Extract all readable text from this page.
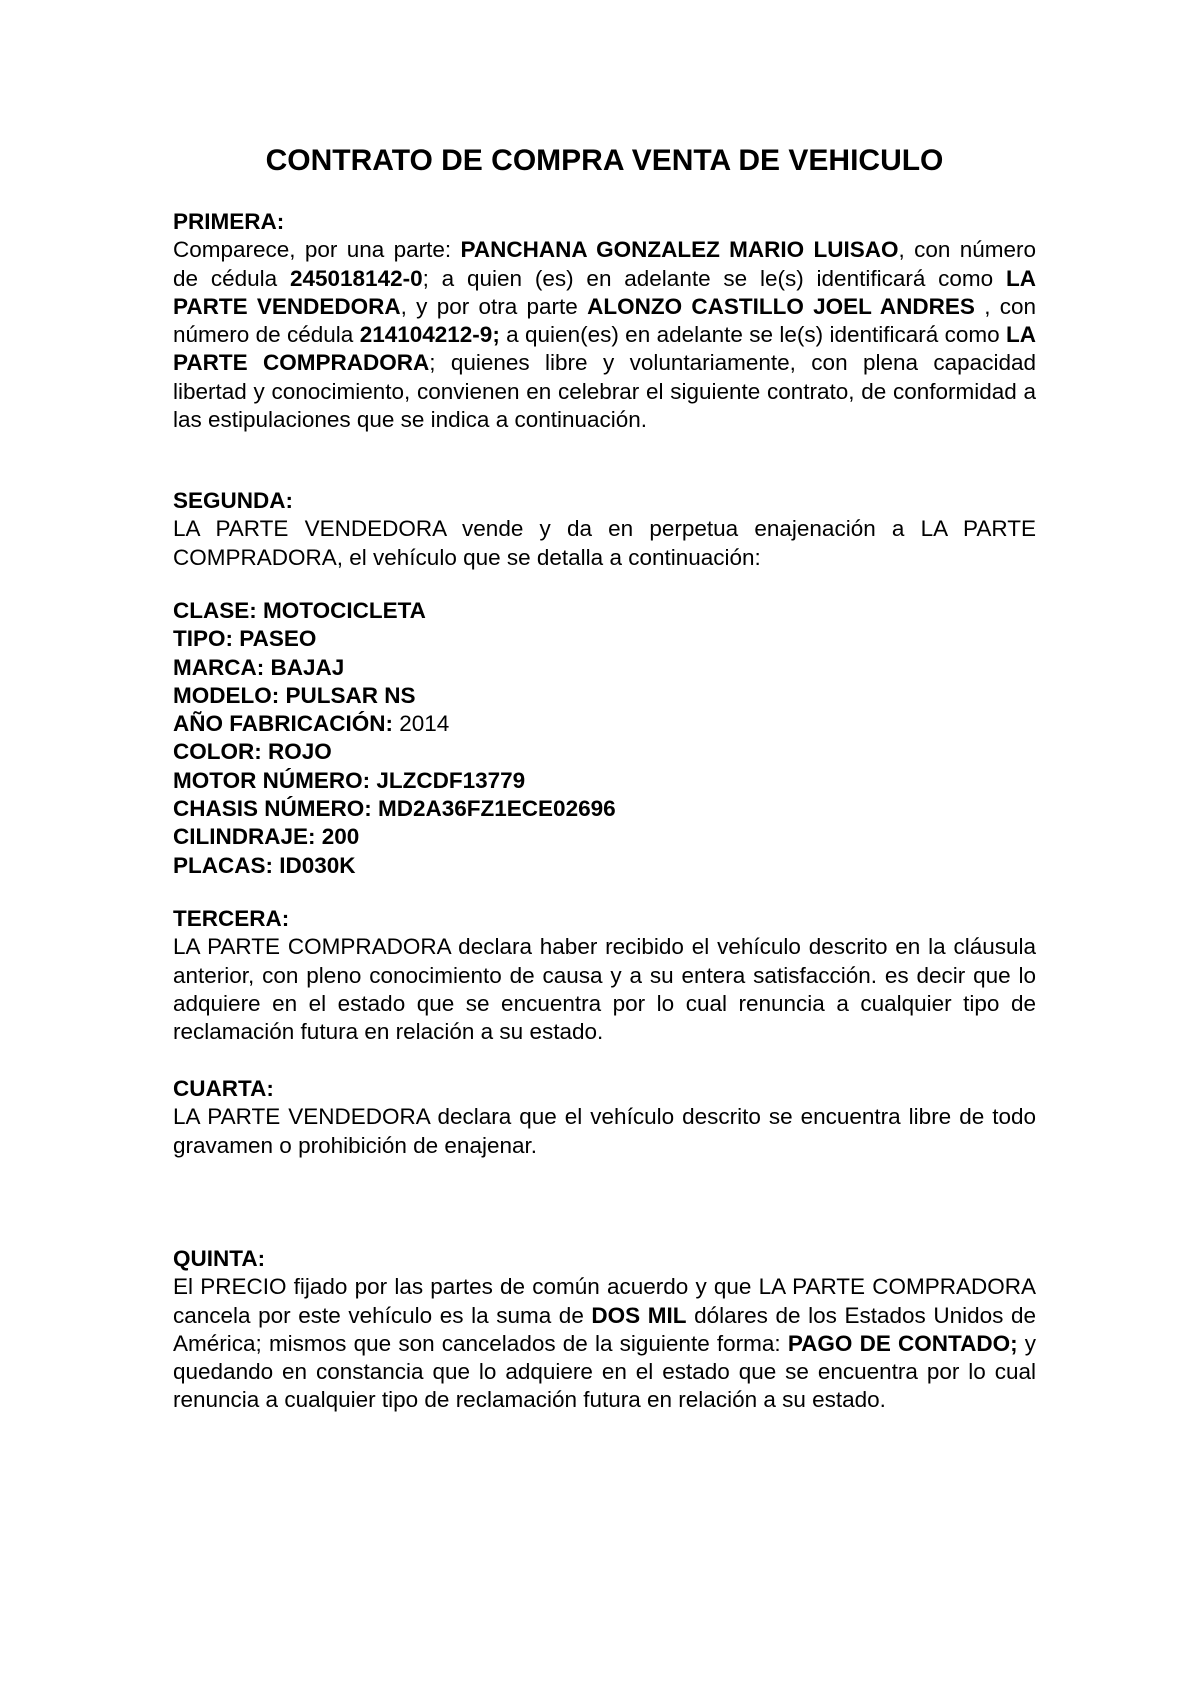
CONTRATO DE COMPRA VENTA DE VEHICULO

PRIMERA:

Comparece, por una parte: PANCHANA GONZALEZ MARIO LUISAO, con número de cédula 245018142-0; a quien (es) en adelante se le(s) identificará como LA PARTE VENDEDORA, y por otra parte ALONZO CASTILLO JOEL ANDRES , con número de cédula 214104212-9; a quien(es) en adelante se le(s) identificará como LA PARTE COMPRADORA; quienes libre y voluntariamente, con plena capacidad libertad y conocimiento, convienen en celebrar el siguiente contrato, de conformidad a las estipulaciones que se indica a continuación.

SEGUNDA:

LA PARTE VENDEDORA vende y da en perpetua enajenación a LA PARTE COMPRADORA, el vehículo que se detalla a continuación:

CLASE: MOTOCICLETA

TIPO: PASEO

MARCA: BAJAJ

MODELO: PULSAR NS

AÑO FABRICACIÓN: 2014

COLOR: ROJO

MOTOR NÚMERO: JLZCDF13779

CHASIS NÚMERO: MD2A36FZ1ECE02696

CILINDRAJE: 200

PLACAS: ID030K

TERCERA:

LA PARTE COMPRADORA declara haber recibido el vehículo descrito en la cláusula anterior, con pleno conocimiento de causa y a su entera satisfacción. es decir que lo adquiere en el estado que se encuentra por lo cual renuncia a cualquier tipo de reclamación futura en relación a su estado.

CUARTA:

LA PARTE VENDEDORA declara que el vehículo descrito se encuentra libre de todo gravamen o prohibición de enajenar.

QUINTA:

El PRECIO fijado por las partes de común acuerdo y que LA PARTE COMPRADORA cancela por este vehículo es la suma de DOS MIL dólares de los Estados Unidos de América; mismos que son cancelados de la siguiente forma: PAGO DE CONTADO; y quedando en constancia que lo adquiere en el estado que se encuentra por lo cual renuncia a cualquier tipo de reclamación futura en relación a su estado.
